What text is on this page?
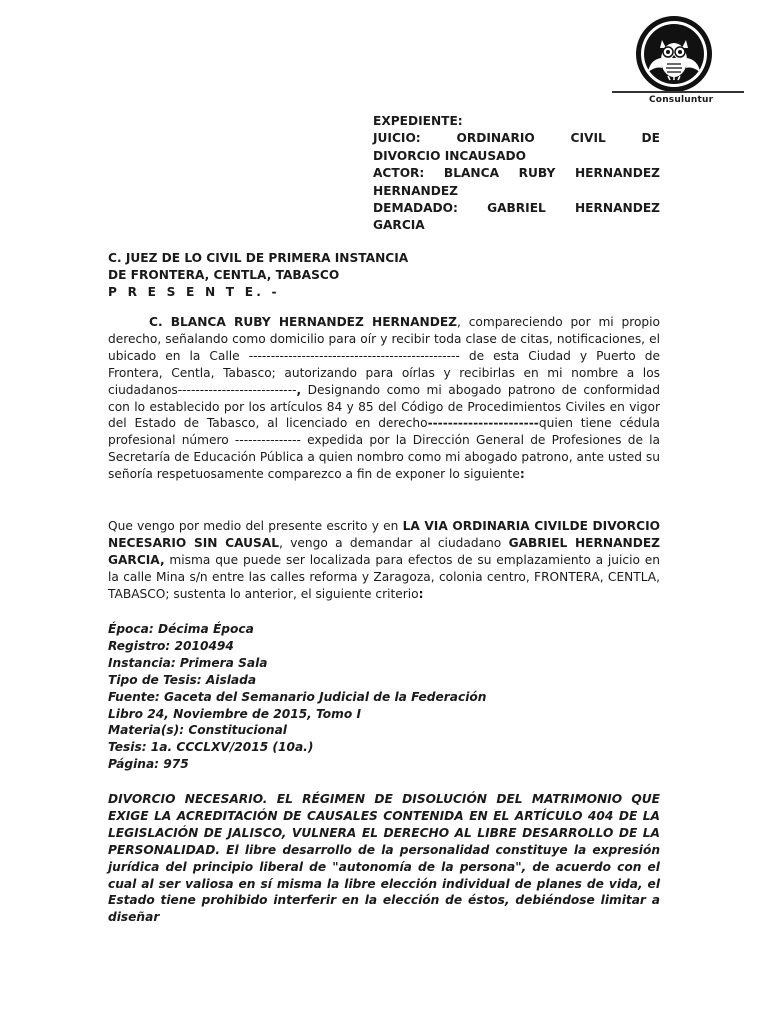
Consuluntur
EXPEDIENTE:
JUICIO: ORDINARIO CIVIL DE
DIVORCIO INCAUSADO
ACTOR: BLANCA RUBY HERNANDEZ
HERNANDEZ
DEMADADO: GABRIEL HERNANDEZ
GARCIA
C. JUEZ DE LO CIVIL DE PRIMERA INSTANCIA
DE FRONTERA, CENTLA, TABASCO
P R E S E N T E. -
C. BLANCA RUBY HERNANDEZ HERNANDEZ, compareciendo por mi propio derecho, señalando como domicilio para oír y recibir toda clase de citas, notificaciones, el ubicado en la Calle ------------------------------------------------ de esta Ciudad y Puerto de Frontera, Centla, Tabasco; autorizando para oírlas y recibirlas en mi nombre a los ciudadanos---------------------------, Designando como mi abogado patrono de conformidad con lo establecido por los artículos 84 y 85 del Código de Procedimientos Civiles en vigor del Estado de Tabasco, al licenciado en derecho----------------------quien tiene cédula profesional número --------------- expedida por la Dirección General de Profesiones de la Secretaría de Educación Pública a quien nombro como mi abogado patrono, ante usted su señoría respetuosamente comparezco a fin de exponer lo siguiente:
Que vengo por medio del presente escrito y en LA VIA ORDINARIA CIVILDE DIVORCIO NECESARIO SIN CAUSAL, vengo a demandar al ciudadano GABRIEL HERNANDEZ GARCIA, misma que puede ser localizada para efectos de su emplazamiento a juicio en la calle Mina s/n entre las calles reforma y Zaragoza, colonia centro, FRONTERA, CENTLA, TABASCO; sustenta lo anterior, el siguiente criterio:
Época: Décima Época
Registro: 2010494
Instancia: Primera Sala
Tipo de Tesis: Aislada
Fuente: Gaceta del Semanario Judicial de la Federación
Libro 24, Noviembre de 2015, Tomo I
Materia(s): Constitucional
Tesis: 1a. CCCLXV/2015 (10a.)
Página: 975
DIVORCIO NECESARIO. EL RÉGIMEN DE DISOLUCIÓN DEL MATRIMONIO QUE EXIGE LA ACREDITACIÓN DE CAUSALES CONTENIDA EN EL ARTÍCULO 404 DE LA LEGISLACIÓN DE JALISCO, VULNERA EL DERECHO AL LIBRE DESARROLLO DE LA PERSONALIDAD. El libre desarrollo de la personalidad constituye la expresión jurídica del principio liberal de "autonomía de la persona", de acuerdo con el cual al ser valiosa en sí misma la libre elección individual de planes de vida, el Estado tiene prohibido interferir en la elección de éstos, debiéndose limitar a diseñar
